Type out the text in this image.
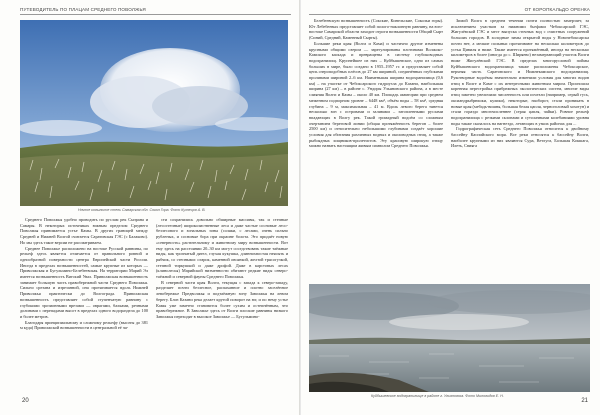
ПУТЕВОДИТЕЛЬ ПО ПЛАЦАМ СРЕДНЕГО ПОВОЛЖЬЯ
Ночное ковыльное степь Самарская обл. Сокол Гора. Фото Кузнецов А. В.

Среднего Поволжья удобно проводить по руслам рек Сызрана и Самары. В некоторых источниках южным пределом Среднего Поволжья принимается устье Камы. В других границей между Средней и Нижней Волгой считается Саратовская ГЭС (с Балаково). Но мы здесь такое версии не рассматриваем.

Среднее Поволжье расположено на востоке Русской равнины, по рельеф здесь является отличается от правильного ровной и однообразной поверхности центра Европейской части России. Иногда в пределах возвышенностей, самые крупные из которых — Приволжская и Бугульмино-Белебеевская. На территории Марий Эл имеется возвышенность Вятский Увал. Приволжская возвышенность занимает большую часть правобережной части Среднего Поволжья. Сильно срезана и изрезанной, она протягивается вдоль Нижней Приволжья практически до Волгограда. Приволжская возвышенность представляет собой ступенчатую равнину с глубокими эрозионными врезами — оврагами, балками, речными долинами с перепадами высот в пределах одного водораздела до 100 и более метров.

Благодаря принципиальному и сложному рельефу (высоты до 381 м куда) Приволжской возвышенности в центральной её ча-

сти сохранились довольно обширные массивы, так и степные (лесостепные) широколиственные леса и даже частые сосновые лесо-безлесового и зональных зоны (соляки, с лесами, очень сильно рубленых, и сосновые бора при окраине болота. Это придаёт новую «северность» растительному и животному миру возвышенности. Вот ему здесь на расстоянии 20–30 км могут соседствовать такие таёжные виды, как тропчатый дятел, глухая кукушка, длиннохвостая неясыть и рябчик, со степными: огарок, каменной овсянкой, желтой трясогузкой, степной тиркушкой и даже дрофой. Даже в карстовых лесах (клинолесья) Марийской низменности обитают редкие виды северо-таёжной и северной фауны Среднего Поволжья.

В северной части края Волги, текущая с запада к северо-западу, разделяет почти безлесное, распаханное и плотно заселённое левобережье Предволжья и подтаёжную зону Заволжья на левом берегу. Близ Казани река делает крутой поворот на юг, и по нему устье Камы уже заметно становится более сухим и остепнённым, что правобережное. В Заволжье здесь от Волги плоские равнины низкого Заволжья переходят в высокое Заволжье — Бугульмино-

20
ОТ КОРОПКАЛЬДО ОРЕНКА

Белебеевскую возвышенность (Сокские, Кинельские, Сокольи горы). Ют Лебебеевых представляет собой полого-наклонную равнину, на юго-востоке Самарской области заходит отроги возвышенности Общий Сырт (Синий, Средний, Каменный Сырты).

Большие реки края (Волга и Кама) и частично другие изменены крупными общими озером — зарегулированы плотинами Волжско-Камского каскада и превращены в систему глубоководных водохранилищ. Крупнейшее из них – Куйбышевское, одно из самых больших в мире, было создано в 1955–1957 гг. и представляет собой цепь озероподобных плёсов до 27 км шириной, соединённых глубокими проливами шириной 2–6 км. Наименьшая ширина водохранилища (0,6 км) – на участке от Чебоксарского гидроузла до Казани, наибольшая ширина (27 км) – в районе с. Ундоры Ульяновского района, а в месте слияния Волги и Камы – около 40 км. Площадь акватории при среднем меженном подпорном уровне – 6448 км², объём воды – 58 км³, средняя глубина – 9 м, максимальная – 41 м. Вдоль левого берега тянется несколько зон с островами и заливами – затопленными руслами впадающих в Волгу рек. Такой громадный водоём со сложным очертанием береговой линии (общая протяжённость берегов – более 2500 км) и относительно небольшими глубинами создаёт хорошие условия для обитания различных водных и околоводных птиц, а также рыбоядных хищников-пролетистов. Эту красивую широкую птицу можно назвать настоящим живым символом Среднего Поволжья.

Зимой Волга в среднем течении почти полностью замерзает, за исключением участков за нижними бьефами Чебоксарской ГЭС, Жигулёвской ГЭС и мест выпуска сточных вод с очистных сооружений больших городов. В холодные зимы открытой воды у Новочебоксарска почти нет, а мелкие полыньи протягивают на несколько километров до устья Цивиля и ниже. Также имеется протяжённый, иногда на несколько километров в более (иногда до с. Ширяево) незамерзающий участок Волги ниже Жигулёвской ГЭС. В пределах многорусловой поймы Куйбышевского водохранилища также расположены Чебоксарское, верхняя часть Саратовского и Нижнекамского водохранилищ. Рукотворные водоёмы значительно изменили условия для многих видов птиц в Волге и Каме с их интересными животным миром. Произошла коренная перестройка прибрежных экологических систем, многие виды птиц заметно увеличили численность или исчезли (например, серый гусь, оксиандрыбрюшки, кулики), некоторые, наоборот, стали проникать в новые края (мебадь-вишня, большая белая цапля, черноголовый хохотун) и стали гораздо многочисленнее (серая цапля, чайки). Ровное рельеф водохранилища с резкими склонами и сутолачными колебаниями уровня воды также сказалось на нагнездо, летающих в узких районах для ...

Гидрографическая сеть Среднего Поволжья относится к двойному бассейну Каспийского моря. Все реки относятся к бассейну Волги, наиболее крупными из них являются Сура, Ветлуга, Большая Кокшага, Илеть, Свияга

Куйбышевское водохранилище в районе г. Ульяновска. Фото Миловидов Е. Н.
21
